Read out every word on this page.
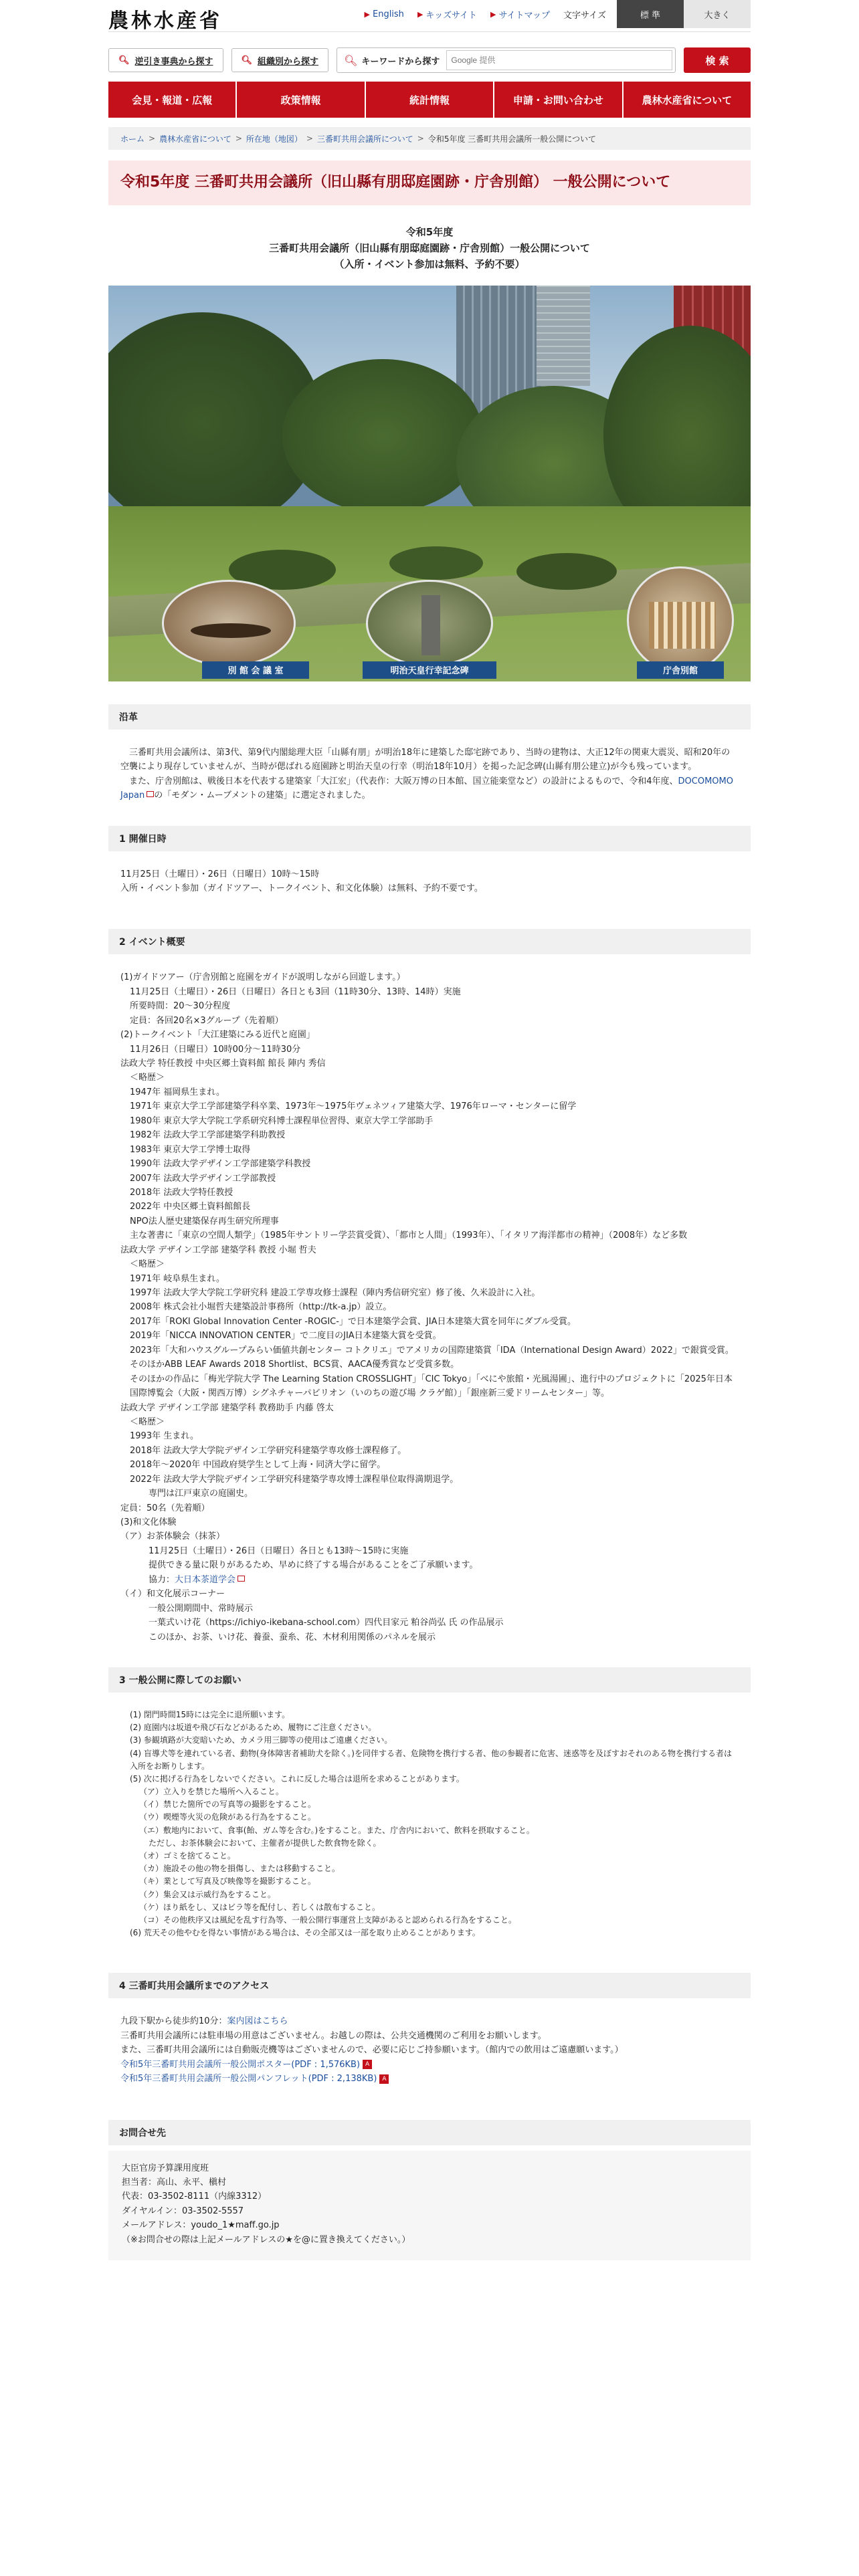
農林水産省	▶ English ▶ キッズサイト ▶ サイトマップ 文字サイズ	標 準	大きく
🔍︎ 逆引き事典から探す	🔍︎ 組織別から探す 🔍︎ キーワードから探す
Google 提供	検 索
会見・報道・広報	政策情報	統計情報	申請・お問い合わせ	農林水産省について
ホーム > 農林水産省について > 所在地（地図） > 三番町共用会議所について > 令和5年度 三番町共用会議所一般公開について
令和5年度 三番町共用会議所（旧山縣有朋邸庭園跡・庁舎別館） 一般公開について
令和5年度
三番町共用会議所（旧山縣有朋邸庭園跡・庁舎別館）一般公開について
（入所・イベント参加は無料、予約不要）
別 館 会 議 室	明治天皇行幸記念碑	庁舎別館
沿革

　三番町共用会議所は、第3代、第9代内閣総理大臣「山縣有朋」が明治18年に建築した邸宅跡であり、当時の建物は、大正12年の関東大震災、昭和20年の空襲により現存していませんが、当時が偲ばれる庭園跡と明治天皇の行幸（明治18年10月）を掲った記念碑(山縣有朋公建立)が今も残っています。

　また、庁舎別館は、戦後日本を代表する建築家「大江宏」（代表作：大阪万博の日本館、国立能楽堂など）の設計によるもので、令和4年度、DOCOMOMO Japan の「モダン・ムーブメントの建築」に選定されました。

1 開催日時

11月25日（土曜日）・26日（日曜日）10時～15時

入所・イベント参加（ガイドツアー、トークイベント、和文化体験）は無料、予約不要です。

2 イベント概要

(1)ガイドツアー（庁舎別館と庭園をガイドが説明しながら回遊します。）

11月25日（土曜日）・26日（日曜日）各日とも3回（11時30分、13時、14時）実施

所要時間：20～30分程度

定員：各回20名×3グループ（先着順）

(2)トークイベント「大江建築にみる近代と庭園」

11月26日（日曜日）10時00分～11時30分

法政大学 特任教授 中央区郷土資料館 館長 陣内 秀信

＜略歴＞

1947年 福岡県生まれ。

1971年 東京大学工学部建築学科卒業、1973年～1975年ヴェネツィア建築大学、1976年ローマ・センターに留学

1980年 東京大学大学院工学系研究科博士課程単位習得、東京大学工学部助手

1982年 法政大学工学部建築学科助教授

1983年 東京大学工学博士取得

1990年 法政大学デザイン工学部建築学科教授

2007年 法政大学デザイン工学部教授

2018年 法政大学特任教授

2022年 中央区郷土資料館館長

NPO法人歴史建築保存再生研究所理事

主な著書に「東京の空間人類学」（1985年サントリー学芸賞受賞）、「都市と人間」（1993年）、「イタリア海洋都市の精神」（2008年）など多数

法政大学 デザイン工学部 建築学科 教授 小堀 哲夫

＜略歴＞

1971年 岐阜県生まれ。

1997年 法政大学大学院工学研究科 建設工学専攻修士課程（陣内秀信研究室）修了後、久米設計に入社。

2008年 株式会社小堀哲夫建築設計事務所（http://tk-a.jp）設立。

2017年「ROKI Global Innovation Center -ROGIC-」で日本建築学会賞、JIA日本建築大賞を同年にダブル受賞。

2019年「NICCA INNOVATION CENTER」で二度目のJIA日本建築大賞を受賞。

2023年「大和ハウスグループみらい価値共創センター コトクリエ」でアメリカの国際建築賞「IDA（International Design Award）2022」で銀賞受賞。

そのほかABB LEAF Awards 2018 Shortlist、BCS賞、AACA優秀賞など受賞多数。

そのほかの作品に「梅光学院大学 The Learning Station CROSSLIGHT」「CIC Tokyo」「べにや旅館・光風湯圃」、進行中のプロジェクトに「2025年日本国際博覧会（大阪・関西万博）シグネチャーパビリオン（いのちの遊び場 クラゲ館）」「銀座新三愛ドリームセンター」等。

法政大学 デザイン工学部 建築学科 教務助手 内藤 啓太

＜略歴＞

1993年 生まれ。

2018年 法政大学大学院デザイン工学研究科建築学専攻修士課程修了。

2018年～2020年 中国政府奨学生として上海・同済大学に留学。

2022年 法政大学大学院デザイン工学研究科建築学専攻博士課程単位取得満期退学。

専門は江戸東京の庭園史。

定員：50名（先着順）

(3)和文化体験

（ア）お茶体験会（抹茶）

11月25日（土曜日）・26日（日曜日）各日とも13時～15時に実施

提供できる量に限りがあるため、早めに終了する場合があることをご了承願います。

協力：大日本茶道学会

（イ）和文化展示コーナー

一般公開期間中、常時展示

一葉式いけ花（https://ichiyo-ikebana-school.com）四代目家元 粕谷尚弘 氏 の作品展示

このほか、お茶、いけ花、養蚕、蚕糸、花、木材利用関係のパネルを展示

3 一般公開に際してのお願い

(1) 閉門時間15時には完全に退所願います。

(2) 庭園内は坂道や飛び石などがあるため、履物にご注意ください。

(3) 参観填路が大変暗いため、カメラ用三脚等の使用はご遠慮ください。

(4) 盲導犬等を連れている者、動物(身体障害者補助犬を除く。)を同伴する者、危険物を携行する者、他の参観者に危害、迷惑等を及ぼすおそれのある物を携行する者は入所をお断りします。

(5) 次に掲げる行為をしないでください。これに反した場合は退所を求めることがあります。

（ア）立入りを禁じた場所へ入ること。

（イ）禁じた箇所での写真等の撮影をすること。

（ウ）喫煙等火災の危険がある行為をすること。

（エ）敷地内において、食事(飴、ガム等を含む。)をすること。また、庁舎内において、飲料を摂取すること。

ただし、お茶体験会において、主催者が提供した飲食物を除く。

（オ）ゴミを捨てること。

（カ）施設その他の物を損傷し、または移動すること。

（キ）業として写真及び映像等を撮影すること。

（ク）集会又は示威行為をすること。

（ケ）ほり紙をし、又はビラ等を配付し、若しくは散布すること。

（コ）その他秩序又は風紀を乱す行為等、一般公開行事運営上支障があると認められる行為をすること。

(6) 荒天その他やむを得ない事情がある場合は、その全部又は一部を取り止めることがあります。

4 三番町共用会議所までのアクセス

九段下駅から徒歩約10分：案内図はこちら

三番町共用会議所には駐車場の用意はございません。お越しの際は、公共交通機関のご利用をお願いします。

また、三番町共用会議所には自動販売機等はございませんので、必要に応じご持参願います。（館内での飲用はご遠慮願います。）

令和5年三番町共用会議所一般公開ポスター(PDF : 1,576KB) A

令和5年三番町共用会議所一般公開パンフレット(PDF : 2,138KB) A

お問合せ先

大臣官房予算課用度班

担当者：高山、永平、槇村

代表：03-3502-8111（内線3312）

ダイヤルイン：03-3502-5557

メールアドレス：youdo_1★maff.go.jp

（※お問合せの際は上記メールアドレスの★を@に置き換えてください。）
